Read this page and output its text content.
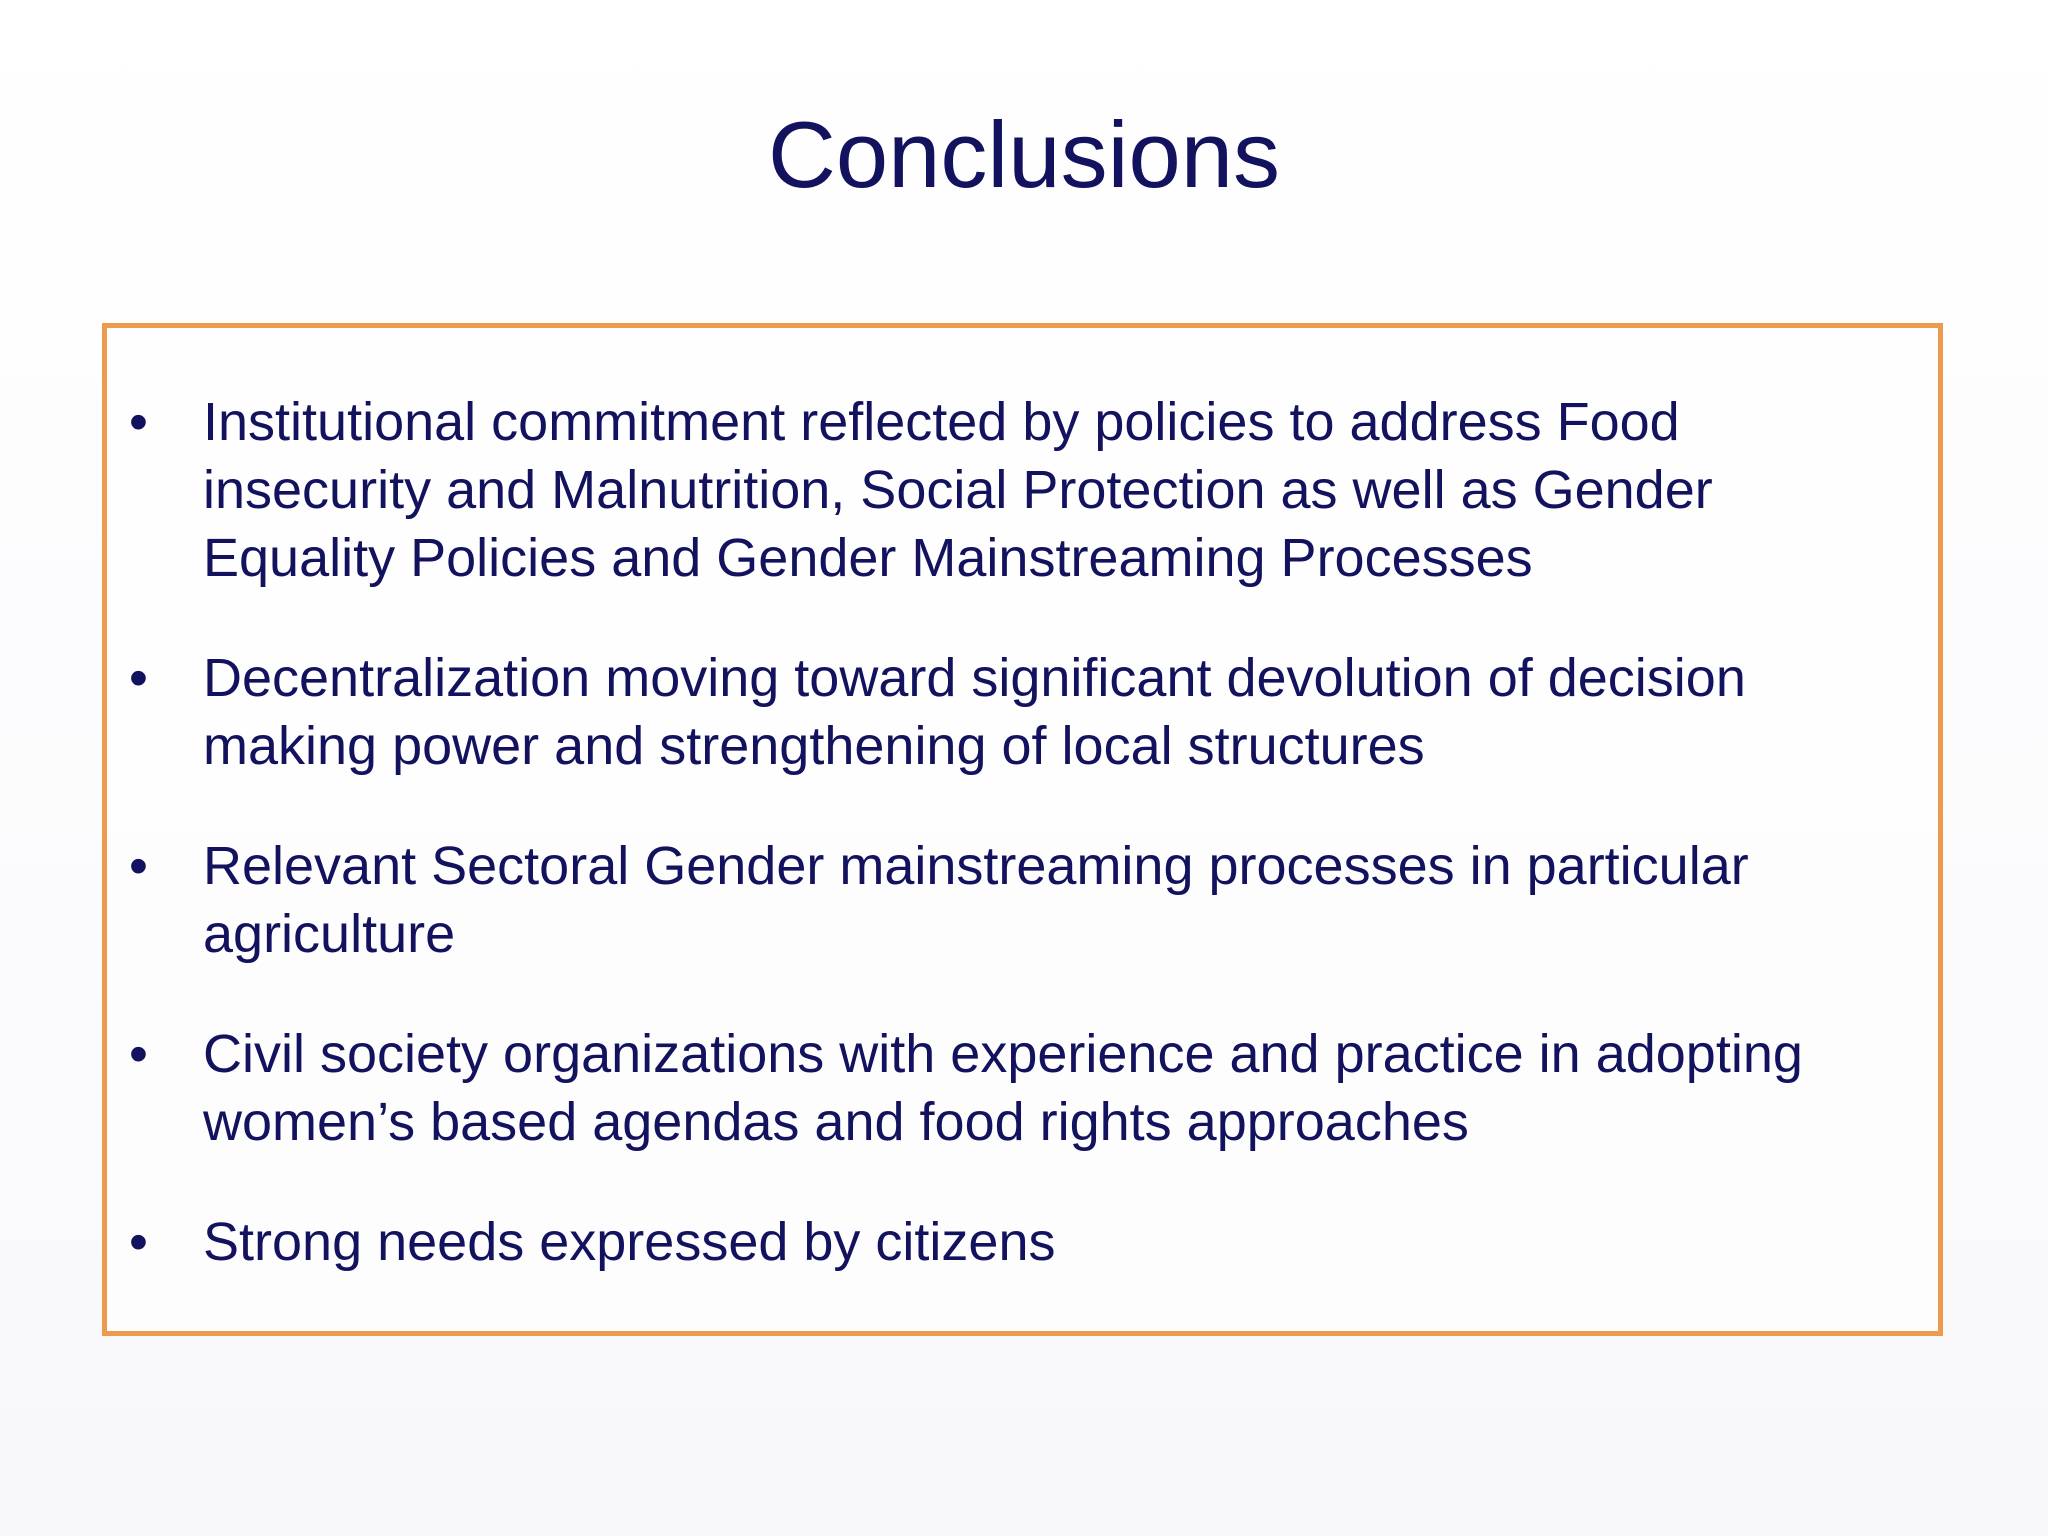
Conclusions
• Institutional commitment reflected by policies to address Food insecurity and Malnutrition, Social Protection as well as Gender Equality Policies and Gender Mainstreaming Processes
• Decentralization moving toward significant devolution of decision making power and strengthening of local structures
• Relevant Sectoral Gender mainstreaming processes in particular agriculture
• Civil society organizations with experience and practice in adopting women’s based agendas and food rights approaches
• Strong needs expressed by citizens
